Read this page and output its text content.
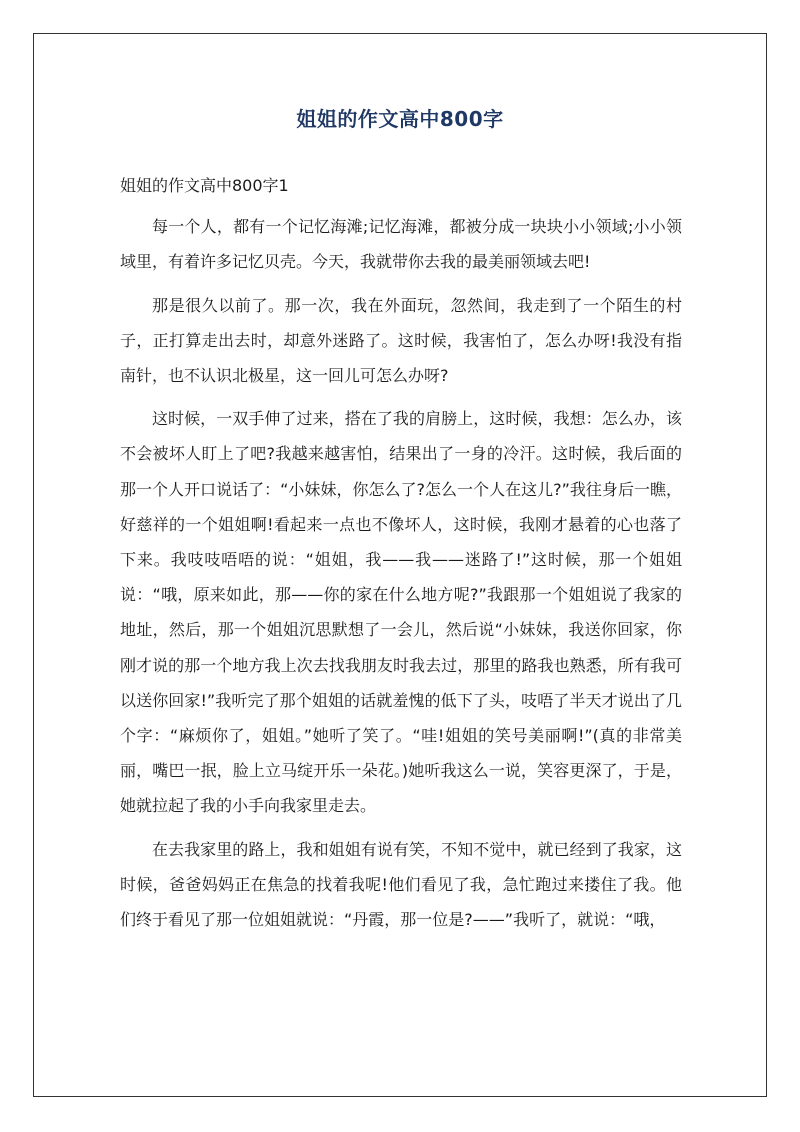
姐姐的作文高中800字

姐姐的作文高中800字1

每一个人，都有一个记忆海滩;记忆海滩，都被分成一块块小小领域;小小领域里，有着许多记忆贝壳。今天，我就带你去我的最美丽领域去吧!

那是很久以前了。那一次，我在外面玩，忽然间，我走到了一个陌生的村子，正打算走出去时，却意外迷路了。这时候，我害怕了，怎么办呀!我没有指南针，也不认识北极星，这一回儿可怎么办呀?

这时候，一双手伸了过来，搭在了我的肩膀上，这时候，我想：怎么办，该不会被坏人盯上了吧?我越来越害怕，结果出了一身的冷汗。这时候，我后面的那一个人开口说话了：“小妹妹，你怎么了?怎么一个人在这儿?”我往身后一瞧，好慈祥的一个姐姐啊!看起来一点也不像坏人，这时候，我刚才悬着的心也落了下来。我吱吱唔唔的说：“姐姐，我——我——迷路了!”这时候，那一个姐姐说：“哦，原来如此，那——你的家在什么地方呢?”我跟那一个姐姐说了我家的地址，然后，那一个姐姐沉思默想了一会儿，然后说“小妹妹，我送你回家，你刚才说的那一个地方我上次去找我朋友时我去过，那里的路我也熟悉，所有我可以送你回家!”我听完了那个姐姐的话就羞愧的低下了头，吱唔了半天才说出了几个字：“麻烦你了，姐姐。”她听了笑了。“哇!姐姐的笑号美丽啊!”(真的非常美丽，嘴巴一抿，脸上立马绽开乐一朵花。)她听我这么一说，笑容更深了，于是，她就拉起了我的小手向我家里走去。

在去我家里的路上，我和姐姐有说有笑，不知不觉中，就已经到了我家，这时候，爸爸妈妈正在焦急的找着我呢!他们看见了我，急忙跑过来搂住了我。他们终于看见了那一位姐姐就说：“丹霞，那一位是?——”我听了，就说：“哦，
